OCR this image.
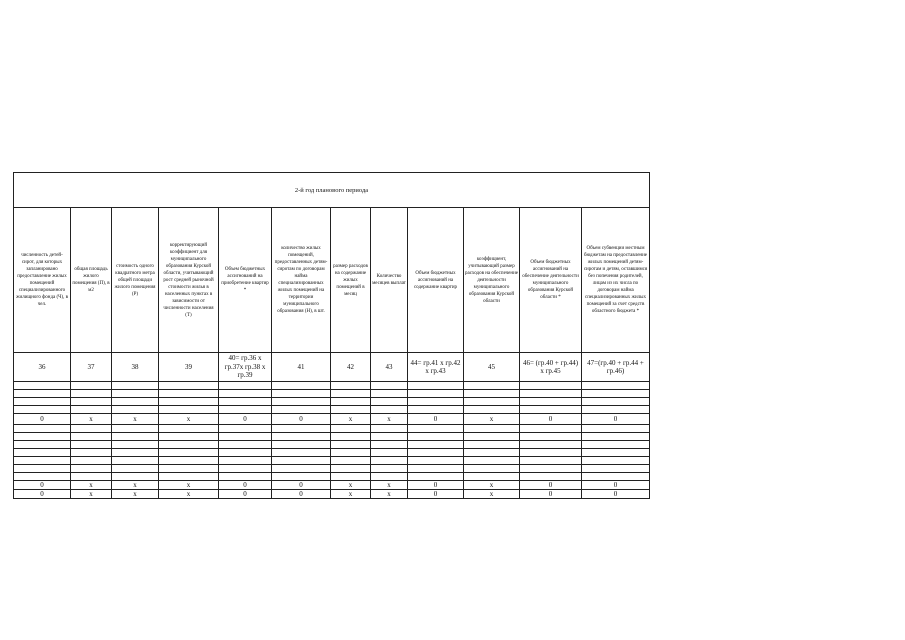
2-й год планового периода											
численность детей-сирот, для которых запланировано предоставление жилых помещений специализированного жилищного фонда (Ч), в чел.	общая площадь жилого помещения (П), в м2	стоимость одного квадратного метра общей площади жилого помещения (Р)	корректирующий коэффициент для муниципального образования Курской области, учитывающий рост средней рыночной стоимости жилья в населенных пунктах в зависимости от численности населения (Т)	Объем бюджетных ассигнований на приобретение квартир *	количество жилых помещений, предоставленных детям-сиротам по договорам найма специализированных жилых помещений на территории муниципального образования (Н), в шт.	размер расходов на содержание жилых помещений в месяц	Количество месяцев выплат	Объем бюджетных ассигнований на содержание квартир	коэффициент, учитывающий размер расходов на обеспечение деятельности муниципального образования Курской области	Объем бюджетных ассигнований на обеспечение деятельности муниципального образования Курской области *	Объем субвенции местным бюджетам на предоставление жилых помещений детям-сиротам и детям, оставшимся без попечения родителей, лицам из их числа по договорам найма специализированных жилых помещений за счет средств областного бюджета *
36	37	38	39	40= гр.36 х гр.37х гр.38 х гр.39	41	42	43	44= гр.41 х гр.42 х гр.43	45	46= (гр.40 + гр.44) х гр.45	47=(гр.40 + гр.44 + гр.46)

0	x	x	x	0	0	x	x	0	x	0	0

0	x	x	x	0	0	x	x	0	x	0	0
0	x	x	x	0	0	x	x	0	x	0	0
